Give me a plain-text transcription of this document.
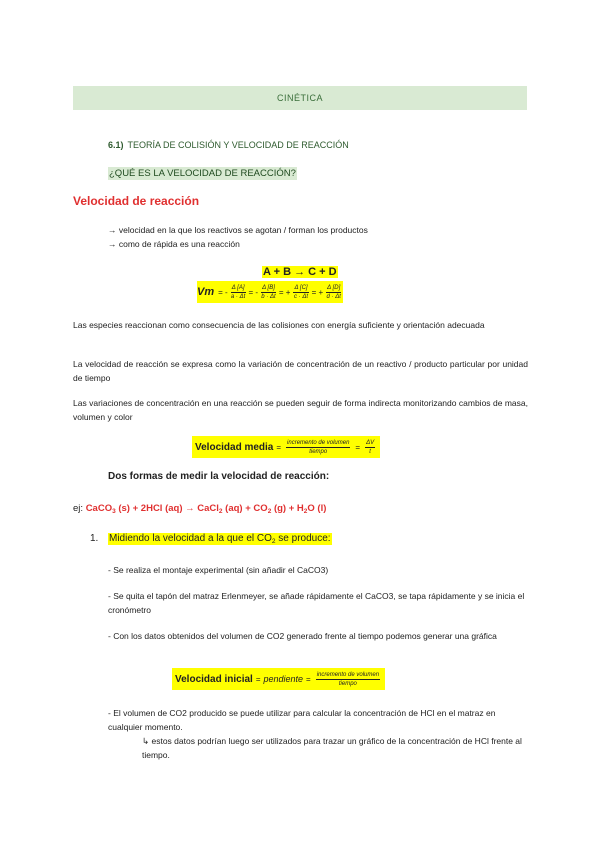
CINÉTICA
6.1) TEORÍA DE COLISIÓN Y VELOCIDAD DE REACCIÓN
¿QUÉ ES LA VELOCIDAD DE REACCIÓN?
Velocidad de reacción
→ velocidad en la que los reactivos se agotan / forman los productos
→ como de rápida es una reacción
A + B → C + D
Vm = - $\frac{\Delta [A]}{a \cdot \Delta t}$ = - $\frac{\Delta [B]}{b \cdot \Delta t}$ = + $\frac{\Delta [C]}{c \cdot \Delta t}$ = + $\frac{\Delta [D]}{d \cdot \Delta t}$
Las especies reaccionan como consecuencia de las colisiones con energía suficiente y orientación adecuada
La velocidad de reacción se expresa como la variación de concentración de un reactivo / producto particular por unidad de tiempo
Las variaciones de concentración en una reacción se pueden seguir de forma indirecta monitorizando cambios de masa, volumen y color
Velocidad media = $\frac{\text{incremento de volumen}}{\text{tiempo}} = \frac{\Delta V}{t}$
Dos formas de medir la velocidad de reacción:
ej: CaCO$_3$ (s) + 2HCl (aq) → CaCl$_2$ $(aq) + CO_2$ $(g) + H_2O$ (l)
1. Midiendo la velocidad a la que el $CO_2$ se produce:
- Se realiza el montaje experimental (sin añadir el CaCO3)
- Se quita el tapón del matraz Erlenmeyer, se añade rápidamente el CaCO3, se tapa rápidamente y se inicia el cronómetro
- Con los datos obtenidos del volumen de CO2 generado frente al tiempo podemos generar una gráfica
Velocidad inicial = pendiente = $\frac{\text{incremento de volumen}}{\text{tiempo}}$
- El volumen de CO2 producido se puede utilizar para calcular la concentración de HCl en el matraz en cualquier momento.
↳ estos datos podrían luego ser utilizados para trazar un gráfico de la concentración de HCl frente al tiempo.
